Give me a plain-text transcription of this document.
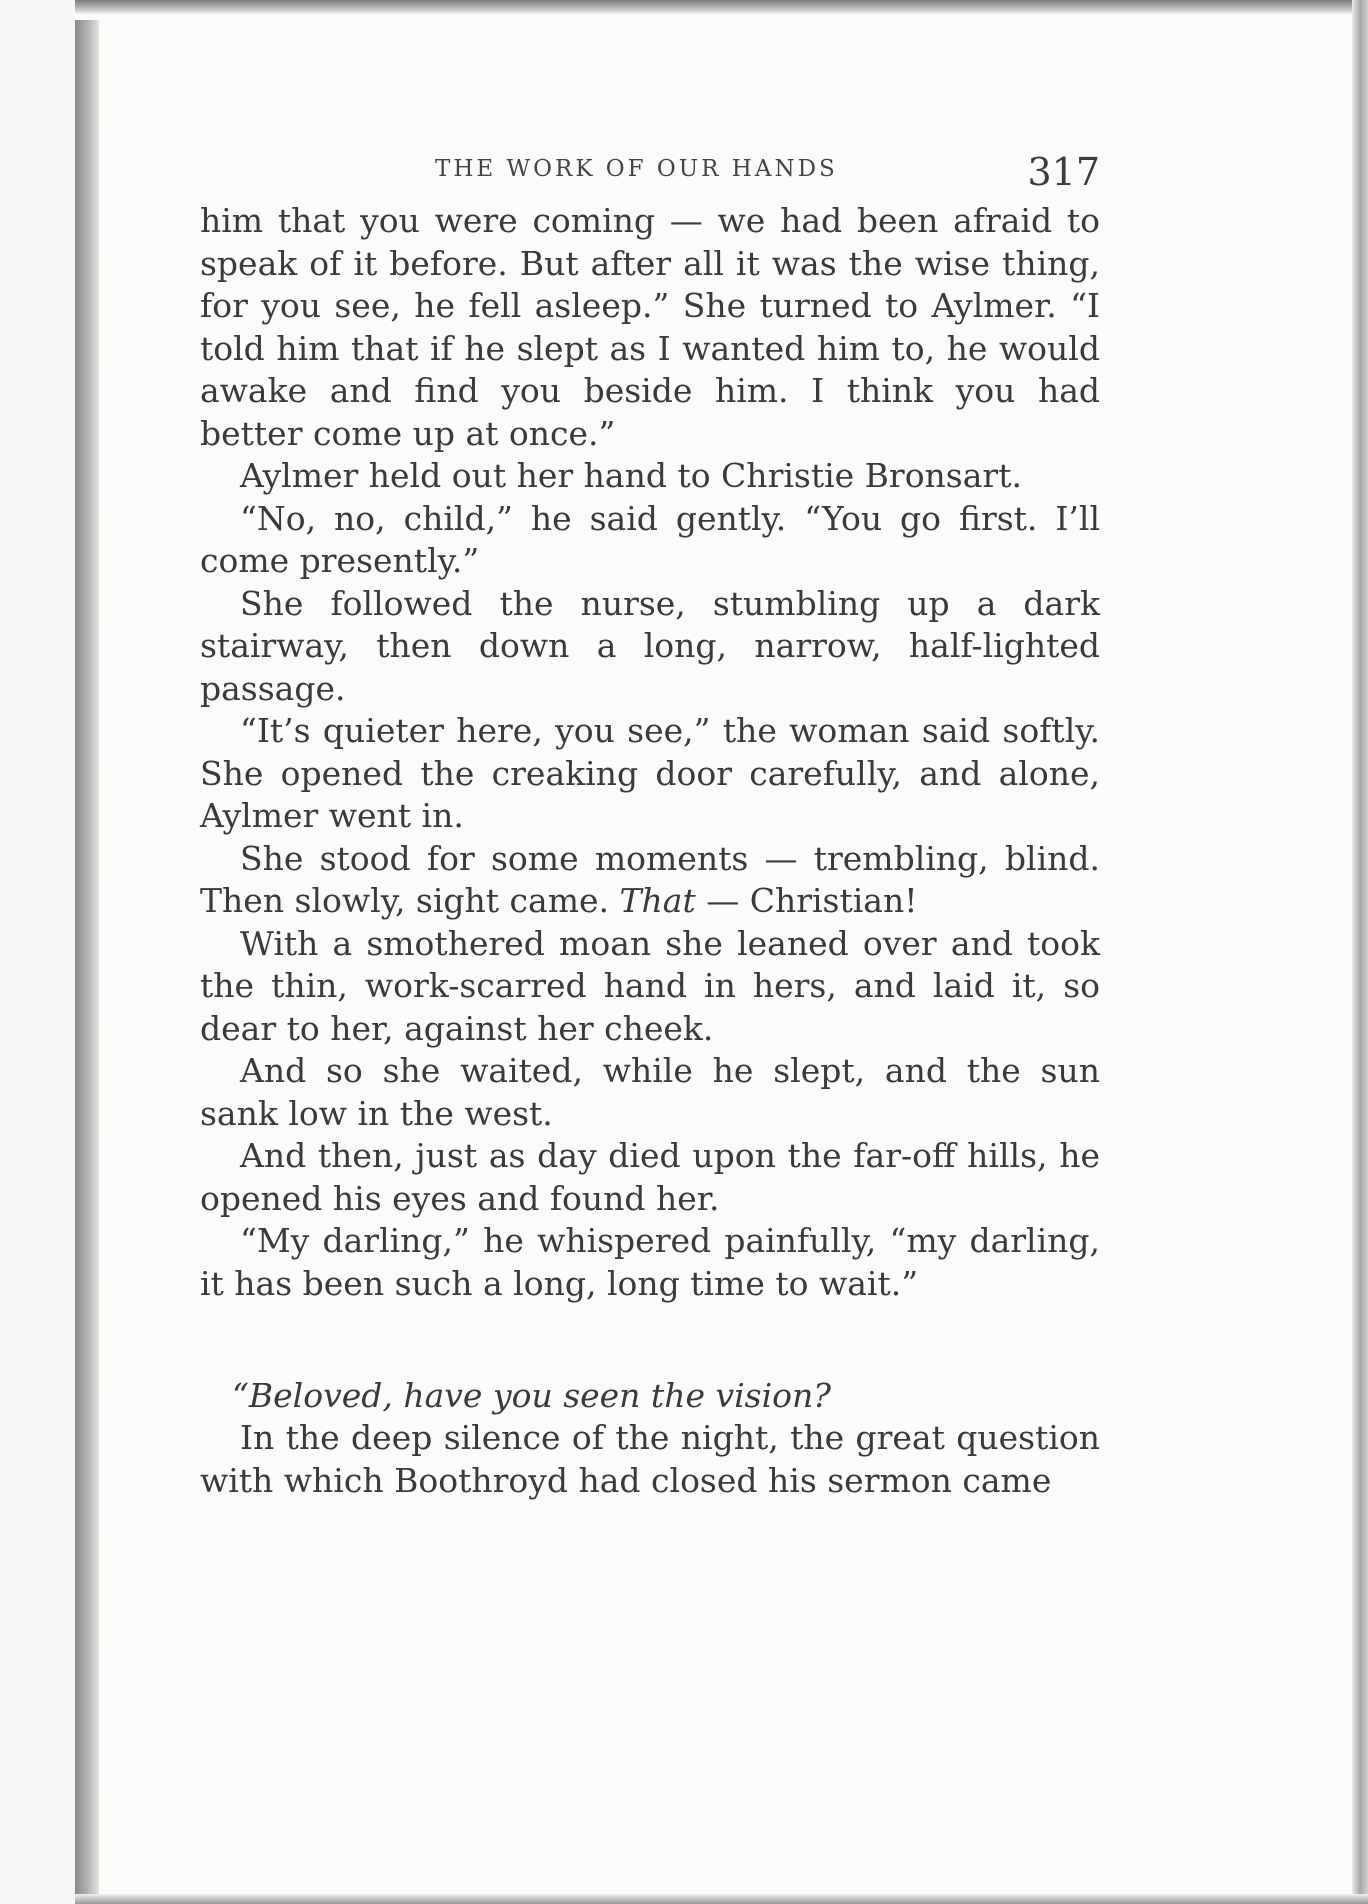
THE WORK OF OUR HANDS	317

him that you were coming — we had been afraid to speak of it before. But after all it was the wise thing, for you see, he fell asleep.” She turned to Aylmer. “I told him that if he slept as I wanted him to, he would awake and find you beside him. I think you had better come up at once.”

Aylmer held out her hand to Christie Bronsart.

“No, no, child,” he said gently. “You go first. I’ll come presently.”

She followed the nurse, stumbling up a dark stairway, then down a long, narrow, half-lighted passage.

“It’s quieter here, you see,” the woman said softly. She opened the creaking door carefully, and alone, Aylmer went in.

She stood for some moments — trembling, blind. Then slowly, sight came. That — Christian!

With a smothered moan she leaned over and took the thin, work-scarred hand in hers, and laid it, so dear to her, against her cheek.

And so she waited, while he slept, and the sun sank low in the west.

And then, just as day died upon the far-off hills, he opened his eyes and found her.

“My darling,” he whispered painfully, “my darling, it has been such a long, long time to wait.”

“Beloved, have you seen the vision?

In the deep silence of the night, the great question with which Boothroyd had closed his sermon came
